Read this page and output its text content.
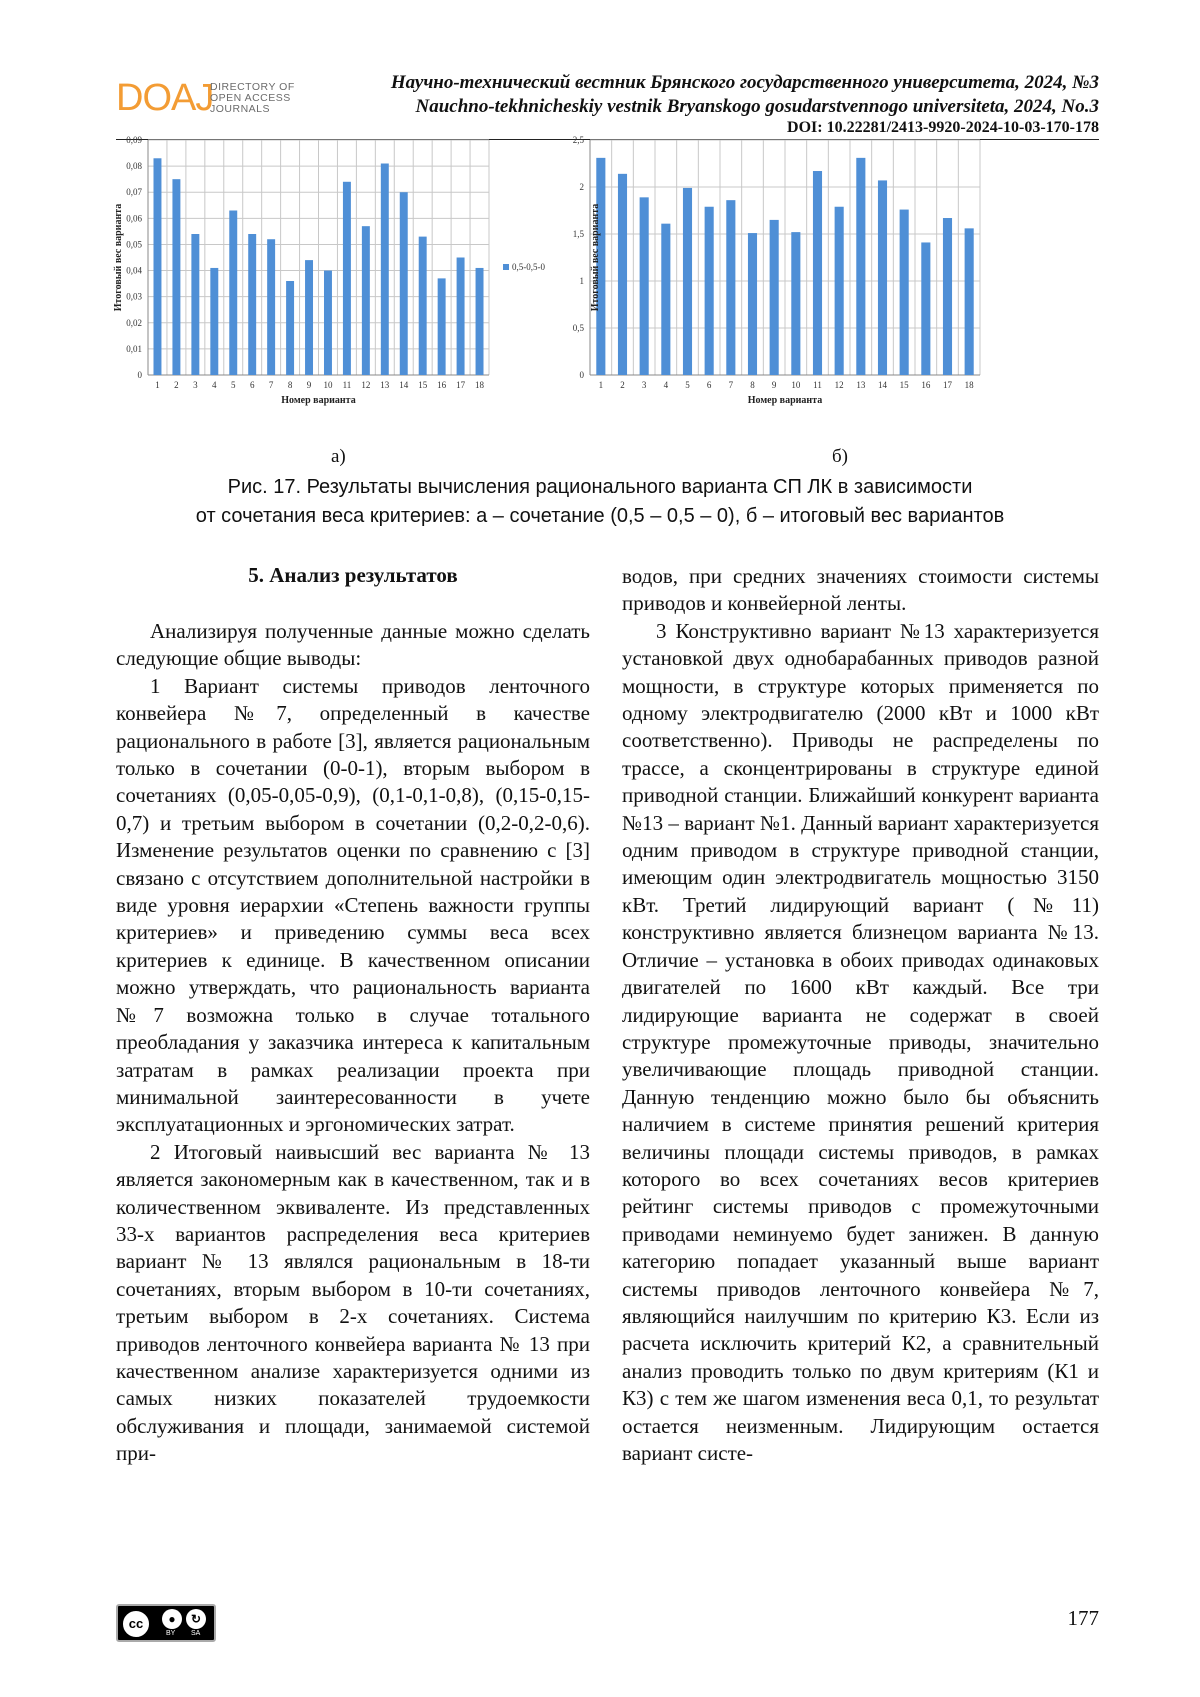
DOAJ
DIRECTORY OF
OPEN ACCESS
JOURNALS
Научно-технический вестник Брянского государственного университета, 2024, №3
Nauchno-tekhnicheskiy vestnik Bryanskogo gosudarstvennogo universiteta, 2024, No.3
DOI: 10.22281/2413-9920-2024-10-03-170-178
0
0,01
0,02
0,03
0,04
0,05
0,06
0,07
0,08
0,09
1 2 3 4 5 6 7 8 9 10 11 12 13 14 15 16 17 18
Номер варианта
Итоговый вес варианта	0,5-0,5-0
0
0,5
1
1,5
2
2,5
1 2 3 4 5 6 7 8 9 10 11 12 13 14 15 16 17 18
Номер варианта
Итоговый вес варианта
а)	б)
Рис. 17. Результаты вычисления рационального варианта СП ЛК в зависимости
от сочетания веса критериев: а – сочетание (0,5 – 0,5 – 0), б – итоговый вес вариантов
5. Анализ результатов

Анализируя полученные данные можно сделать следующие общие выводы:

1 Вариант системы приводов ленточного конвейера №7, определенный в качестве рационального в работе [3], является рациональным только в сочетании (0-0-1), вторым выбором в сочетаниях (0,05-0,05-0,9), (0,1-0,1-0,8), (0,15-0,15-0,7) и третьим выбором в сочетании (0,2-0,2-0,6). Изменение результатов оценки по сравнению с [3] связано с отсутствием дополнительной настройки в виде уровня иерархии «Степень важности группы критериев» и приведению суммы веса всех критериев к единице. В качественном описании можно утверждать, что рациональность варианта №7 возможна только в случае тотального преобладания у заказчика интереса к капитальным затратам в рамках реализации проекта при минимальной заинтересованности в учете эксплуатационных и эргономических затрат.

2 Итоговый наивысший вес варианта № 13 является закономерным как в качественном, так и в количественном эквиваленте. Из представленных 33-х вариантов распределения веса критериев вариант № 13 являлся рациональным в 18-ти сочетаниях, вторым выбором в 10-ти сочетаниях, третьим выбором в 2-х сочетаниях. Система приводов ленточного конвейера варианта № 13 при качественном анализе характеризуется одними из самых низких показателей трудоемкости обслуживания и площади, занимаемой системой при-

водов, при средних значениях стоимости системы приводов и конвейерной ленты.

3 Конструктивно вариант №13 характеризуется установкой двух однобарабанных приводов разной мощности, в структуре которых применяется по одному электродвигателю (2000 кВт и 1000 кВт соответственно). Приводы не распределены по трассе, а сконцентрированы в структуре единой приводной станции. Ближайший конкурент варианта №13 – вариант №1. Данный вариант характеризуется одним приводом в структуре приводной станции, имеющим один электродвигатель мощностью 3150 кВт. Третий лидирующий вариант (№11) конструктивно является близнецом варианта №13. Отличие – установка в обоих приводах одинаковых двигателей по 1600 кВт каждый. Все три лидирующие варианта не содержат в своей структуре промежуточные приводы, значительно увеличивающие площадь приводной станции. Данную тенденцию можно было бы объяснить наличием в системе принятия решений критерия величины площади системы приводов, в рамках которого во всех сочетаниях весов критериев рейтинг системы приводов с промежуточными приводами неминуемо будет занижен. В данную категорию попадает указанный выше вариант системы приводов ленточного конвейера №7, являющийся наилучшим по критерию К3. Если из расчета исключить критерий К2, а сравнительный анализ проводить только по двум критериям (К1 и К3) с тем же шагом изменения веса 0,1, то результат остается неизменным. Лидирующим остается вариант систе-

cc	●	↻
BY SA
177
